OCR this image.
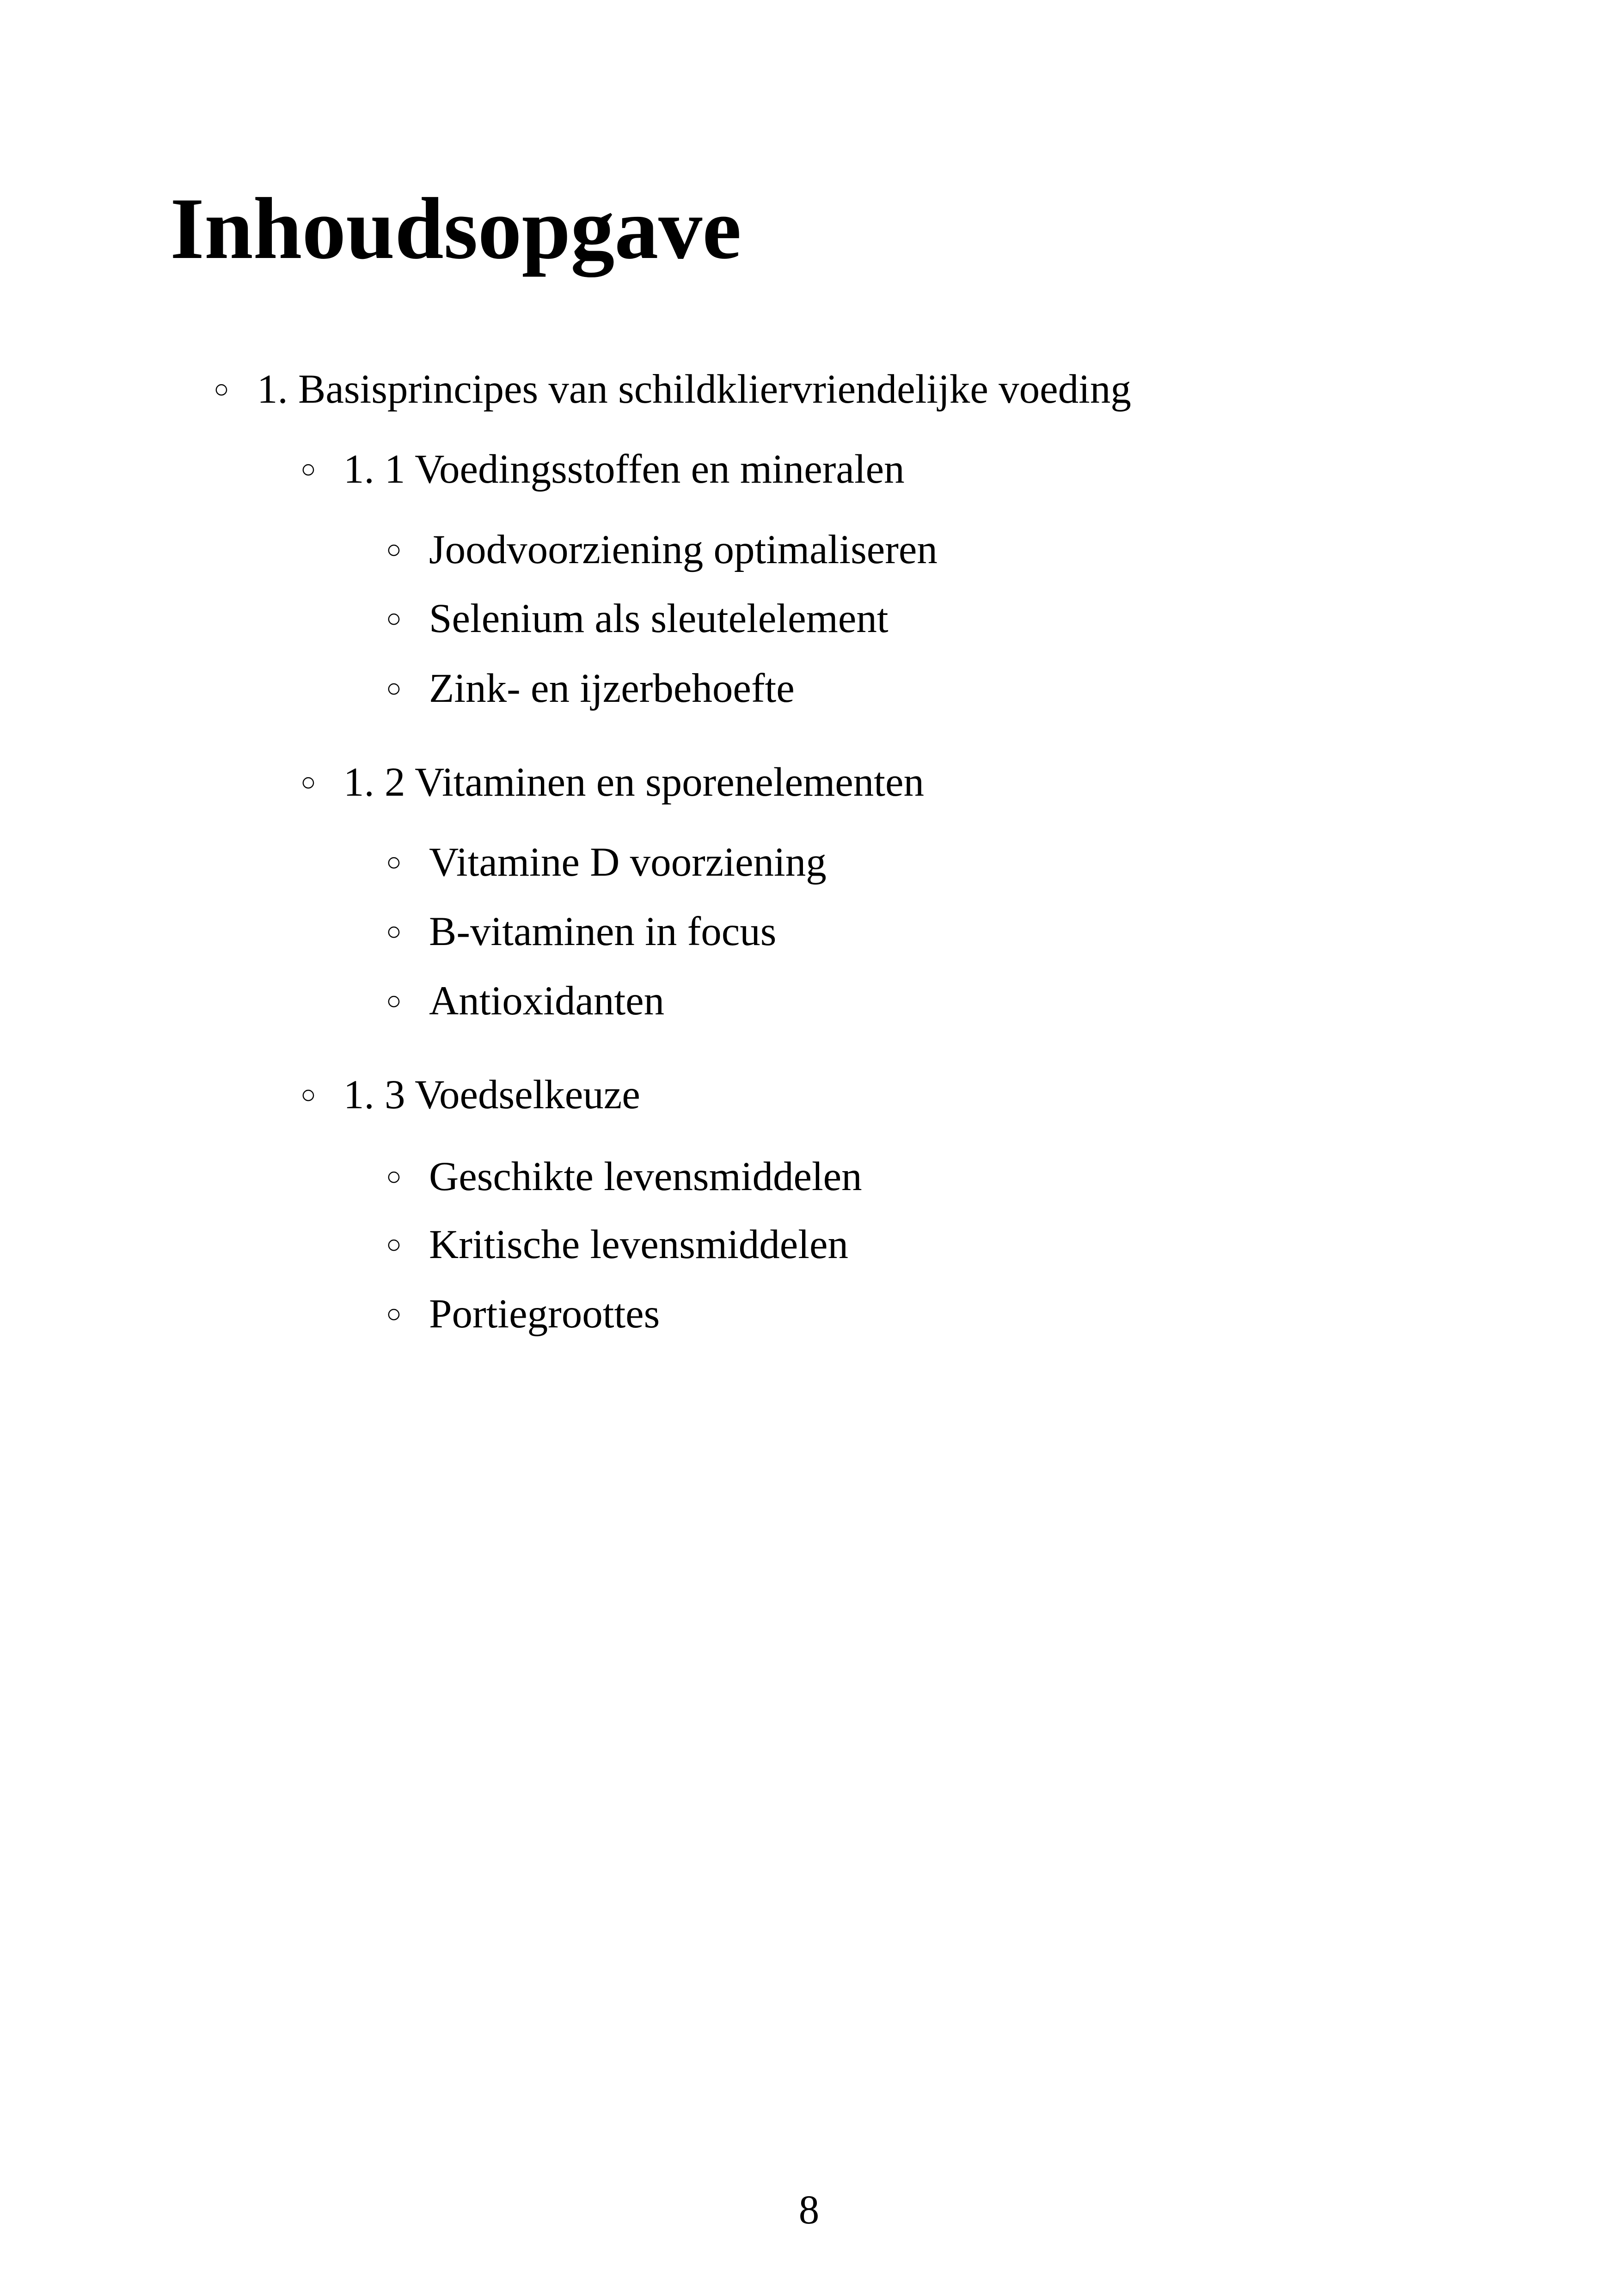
Inhoudsopgave
○ 1. Basisprincipes van schildkliervriendelijke voeding
○ 1. 1 Voedingsstoffen en mineralen
○ Joodvoorziening optimaliseren
○ Selenium als sleutelelement
○ Zink- en ijzerbehoefte
○ 1. 2 Vitaminen en sporenelementen
○ Vitamine D voorziening
○ B-vitaminen in focus
○ Antioxidanten
○ 1. 3 Voedselkeuze
○ Geschikte levensmiddelen
○ Kritische levensmiddelen
○ Portiegroottes
8
